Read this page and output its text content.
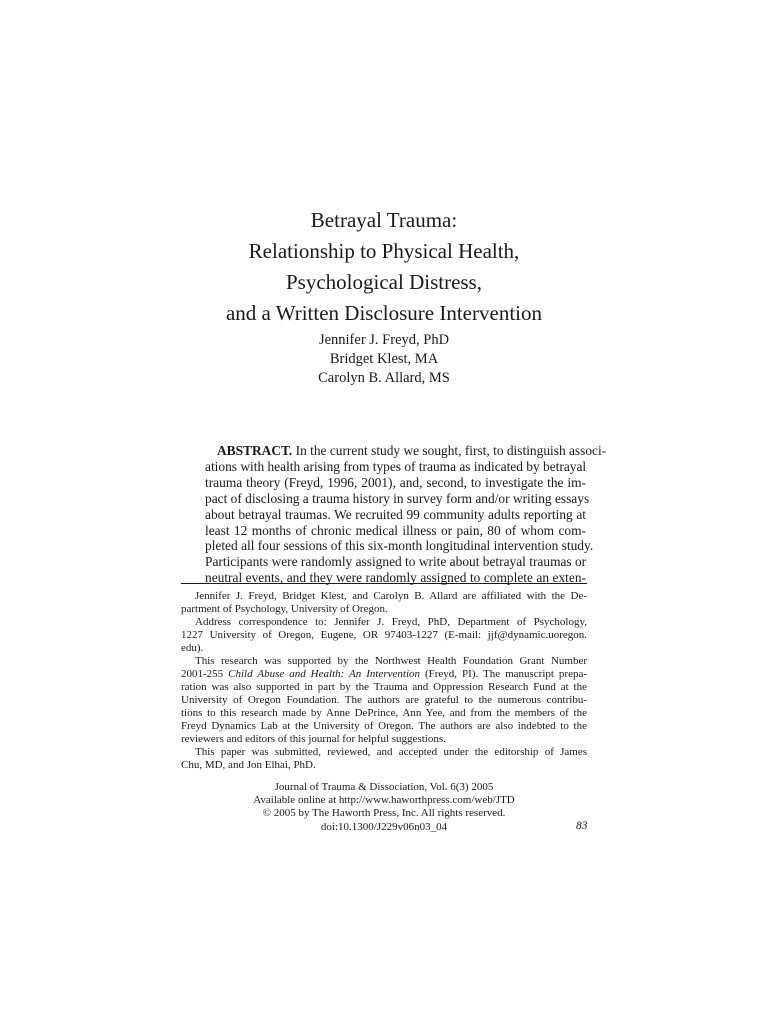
Betrayal Trauma:
Relationship to Physical Health,
Psychological Distress,
and a Written Disclosure Intervention
Jennifer J. Freyd, PhD
Bridget Klest, MA
Carolyn B. Allard, MS
ABSTRACT. In the current study we sought, first, to distinguish associ-
ations with health arising from types of trauma as indicated by betrayal
trauma theory (Freyd, 1996, 2001), and, second, to investigate the im-
pact of disclosing a trauma history in survey form and/or writing essays
about betrayal traumas. We recruited 99 community adults reporting at
least 12 months of chronic medical illness or pain, 80 of whom com-
pleted all four sessions of this six-month longitudinal intervention study.
Participants were randomly assigned to write about betrayal traumas or
neutral events, and they were randomly assigned to complete an exten-
Jennifer J. Freyd, Bridget Klest, and Carolyn B. Allard are affiliated with the De-
partment of Psychology, University of Oregon.
Address correspondence to: Jennifer J. Freyd, PhD, Department of Psychology,
1227 University of Oregon, Eugene, OR 97403-1227 (E-mail: jjf@dynamic.uoregon.
edu).
This research was supported by the Northwest Health Foundation Grant Number
2001-255 Child Abuse and Health: An Intervention (Freyd, PI). The manuscript prepa-
ration was also supported in part by the Trauma and Oppression Research Fund at the
University of Oregon Foundation. The authors are grateful to the numerous contribu-
tions to this research made by Anne DePrince, Ann Yee, and from the members of the
Freyd Dynamics Lab at the University of Oregon. The authors are also indebted to the
reviewers and editors of this journal for helpful suggestions.
This paper was submitted, reviewed, and accepted under the editorship of James
Chu, MD, and Jon Elhai, PhD.
Journal of Trauma & Dissociation, Vol. 6(3) 2005
Available online at http://www.haworthpress.com/web/JTD
© 2005 by The Haworth Press, Inc. All rights reserved.
doi:10.1300/J229v06n03_04	83
